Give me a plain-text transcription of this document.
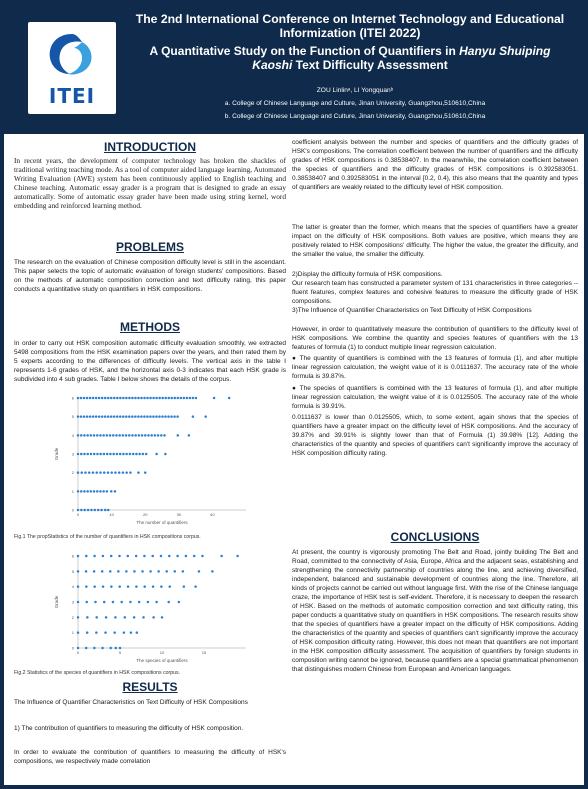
ITEI
The 2nd International Conference on Internet Technology and Educational Informization (ITEI 2022)
A Quantitative Study on the Function of Quantifiers in Hanyu Shuiping Kaoshi Text Difficulty Assessment
ZOU Linlinᵃ, LI Yongquanᵇ
a. College of Chinese Language and Culture, Jinan University, Guangzhou,510610,China
b. College of Chinese Language and Culture, Jinan University, Guangzhou,510610,China
INTRODUCTION
In recent years, the development of computer technology has broken the shackles of traditional writing teaching mode. As a tool of computer aided language learning, Automated Writing Evaluation (AWE) system has been continuously applied to English teaching and Chinese teaching. Automatic essay grader is a program that is designed to grade an essay automatically. Some of automatic essay grader have been made using string kernel, word embedding and reinforced learning method.
PROBLEMS
The research on the evaluation of Chinese composition difficulty level is still in the ascendant. This paper selects the topic of automatic evaluation of foreign students' compositions. Based on the methods of automatic composition correction and text difficulty rating, this paper conducts a quantitative study on quantifiers in HSK compositions.
METHODS
In order to carry out HSK composition automatic difficulty evaluation smoothly, we extracted 5498 compositions from the HSK examination papers over the years, and then rated them by 5 experts according to the differences of difficulty levels. The vertical axis in the table Ⅰ represents 1-6 grades of HSK, and the horizontal axis 0-3 indicates that each HSK grade is subdivided into 4 sub grades. Table Ⅰ below shows the details of the corpus.
0
1
2
3
4
5
6
0	10	20	30	40
The number of quantifiers
Grade
Fig.1 The propStatistics of the number of quantifiers in HSK compositions corpus.
0
1
2
3
4
5
6
0	5	10	15
The species of quantifiers
Grade
Fig.2 Statistics of the species of quantifiers in HSK compositions corpus.
RESULTS
The Influence of Quantifier Characteristics on Text Difficulty of HSK Compositions
1) The contribution of quantifiers to measuring the difficulty of HSK composition.
In order to evaluate the contribution of quantifiers to measuring the difficulty of HSK's compositions, we respectively made correlation
coefficient analysis between the number and species of quantifiers and the difficulty grades of HSK's compositions. The correlation coefficient between the number of quantifiers and the difficulty grades of HSK compositions is 0.38538407. In the meanwhile, the correlation coefficient between the species of quantifiers and the difficulty grades of HSK compositions is 0.392583051. 0.38538407 and 0.392583051 in the interval [0.2, 0.4), this also means that the quantity and types of quantifiers are weakly related to the difficulty level of HSK composition.
The latter is greater than the former, which means that the species of quantifiers have a greater impact on the difficulty of HSK compositions. Both values are positive, which means they are positively related to HSK compositions' difficulty. The higher the value, the greater the difficulty, and the smaller the value, the smaller the difficulty.
2)Display the difficulty formula of HSK compositions.
Our research team has constructed a parameter system of 131 characteristics in three categories -- fluent features, complex features and cohesive features to measure the difficulty grade of HSK compositions.
3)The Influence of Quantifier Characteristics on Text Difficulty of HSK Compositions
However, in order to quantitatively measure the contribution of quantifiers to the difficulty level of HSK compositions. We combine the quantity and species features of quantifiers with the 13 features of formula (1) to conduct multiple linear regression calculation.
● The quantity of quantifiers is combined with the 13 features of formula (1), and after multiple linear regression calculation, the weight value of it is 0.0111637. The accuracy rate of the whole formula is 39.87%.
● The species of quantifiers is combined with the 13 features of formula (1), and after multiple linear regression calculation, the weight value of it is 0.0125505. The accuracy rate of the whole formula is 39.91%.
0.0111637 is lower than 0.0125505, which, to some extent, again shows that the species of quantifiers have a greater impact on the difficulty level of HSK compositions. And the accuracy of 39.87% and 39.91% is slightly lower than that of Formula (1) 39.98% [12]. Adding the characteristics of the quantity and species of quantifiers can't significantly improve the accuracy of HSK composition difficulty rating.
CONCLUSIONS
At present, the country is vigorously promoting The Belt and Road, jointly building The Belt and Road, committed to the connectivity of Asia, Europe, Africa and the adjacent seas, establishing and strengthening the connectivity partnership of countries along the line, and achieving diversified, independent, balanced and sustainable development of countries along the line. Therefore, all kinds of projects cannot be carried out without language first. With the rise of the Chinese language craze, the importance of HSK test is self-evident. Therefore, it is necessary to deepen the research of HSK. Based on the methods of automatic composition correction and text difficulty rating, this paper conducts a quantitative study on quantifiers in HSK compositions. The research results show that the species of quantifiers have a greater impact on the difficulty of HSK compositions. Adding the characteristics of the quantity and species of quantifiers can't significantly improve the accuracy of HSK composition difficulty rating. However, this does not mean that quantifiers are not important in the HSK composition difficulty assessment. The acquisition of quantifiers by foreign students in composition writing cannot be ignored, because quantifiers are a special grammatical phenomenon that distinguishes modern Chinese from European and American languages.
